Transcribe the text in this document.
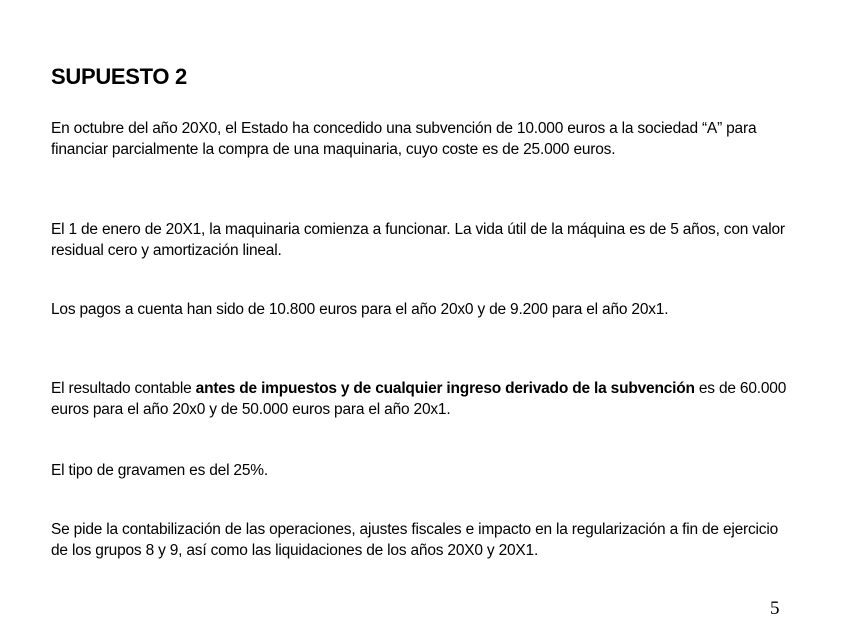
SUPUESTO 2

En octubre del año 20X0, el Estado ha concedido una subvención de 10.000 euros a la sociedad “A” para financiar parcialmente la compra de una maquinaria, cuyo coste es de 25.000 euros.

El 1 de enero de 20X1, la maquinaria comienza a funcionar. La vida útil de la máquina es de 5 años, con valor residual cero y amortización lineal.

Los pagos a cuenta han sido de 10.800 euros para el año 20x0 y de 9.200 para el año 20x1.

El resultado contable antes de impuestos y de cualquier ingreso derivado de la subvención es de 60.000 euros para el año 20x0 y de 50.000 euros para el año 20x1.

El tipo de gravamen es del 25%.

Se pide la contabilización de las operaciones, ajustes fiscales e impacto en la regularización a fin de ejercicio de los grupos 8 y 9, así como las liquidaciones de los años 20X0 y 20X1.

5
